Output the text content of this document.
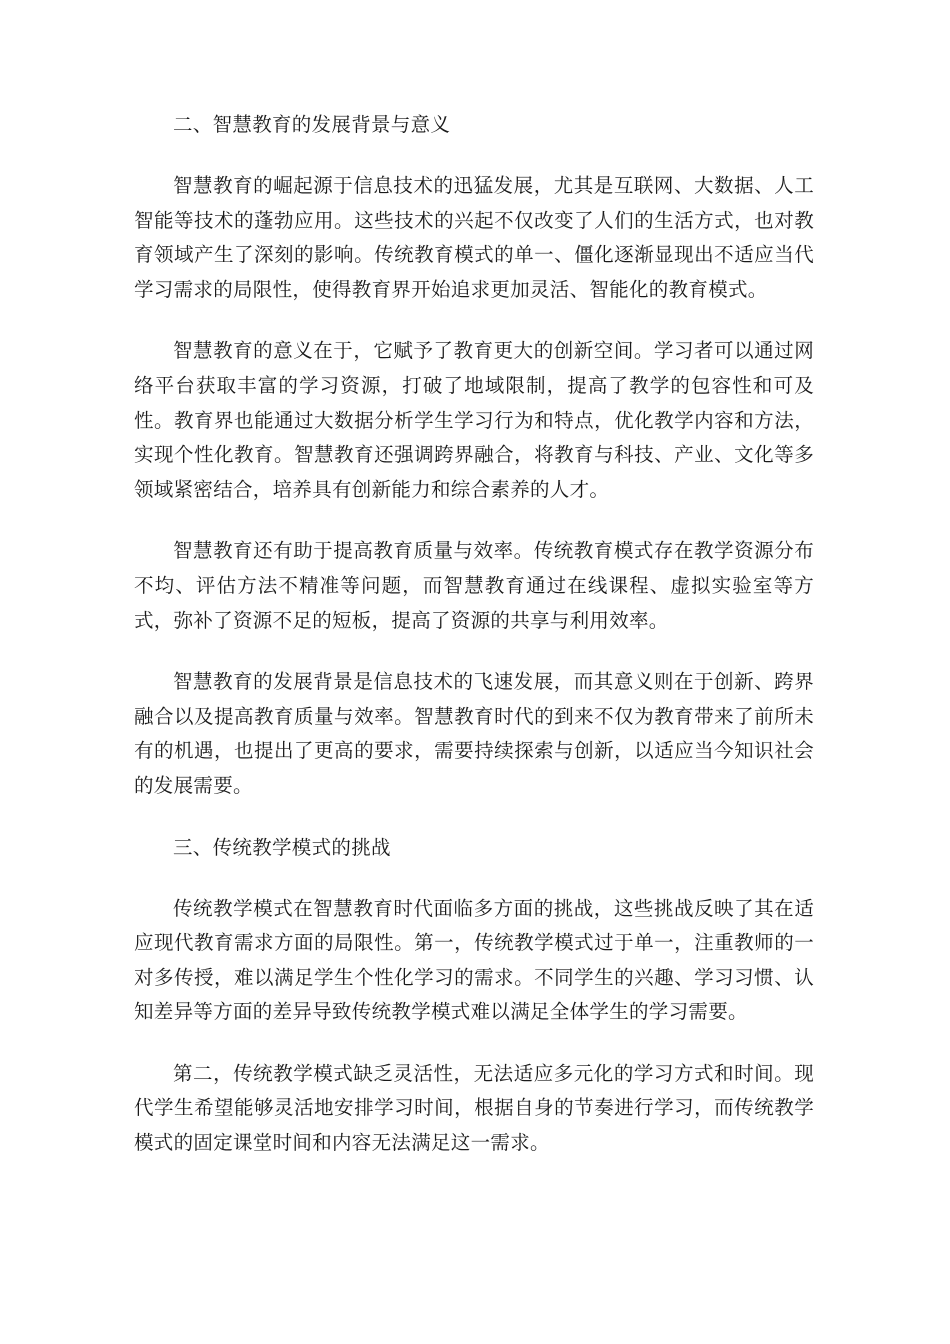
二、智慧教育的发展背景与意义

智慧教育的崛起源于信息技术的迅猛发展，尤其是互联网、大数据、人工智能等技术的蓬勃应用。这些技术的兴起不仅改变了人们的生活方式，也对教育领域产生了深刻的影响。传统教育模式的单一、僵化逐渐显现出不适应当代学习需求的局限性，使得教育界开始追求更加灵活、智能化的教育模式。

智慧教育的意义在于，它赋予了教育更大的创新空间。学习者可以通过网络平台获取丰富的学习资源，打破了地域限制，提高了教学的包容性和可及性。教育界也能通过大数据分析学生学习行为和特点，优化教学内容和方法，实现个性化教育。智慧教育还强调跨界融合，将教育与科技、产业、文化等多领域紧密结合，培养具有创新能力和综合素养的人才。

智慧教育还有助于提高教育质量与效率。传统教育模式存在教学资源分布不均、评估方法不精准等问题，而智慧教育通过在线课程、虚拟实验室等方式，弥补了资源不足的短板，提高了资源的共享与利用效率。

智慧教育的发展背景是信息技术的飞速发展，而其意义则在于创新、跨界融合以及提高教育质量与效率。智慧教育时代的到来不仅为教育带来了前所未有的机遇，也提出了更高的要求，需要持续探索与创新，以适应当今知识社会的发展需要。

三、传统教学模式的挑战

传统教学模式在智慧教育时代面临多方面的挑战，这些挑战反映了其在适应现代教育需求方面的局限性。第一，传统教学模式过于单一，注重教师的一对多传授，难以满足学生个性化学习的需求。不同学生的兴趣、学习习惯、认知差异等方面的差异导致传统教学模式难以满足全体学生的学习需要。

第二，传统教学模式缺乏灵活性，无法适应多元化的学习方式和时间。现代学生希望能够灵活地安排学习时间，根据自身的节奏进行学习，而传统教学模式的固定课堂时间和内容无法满足这一需求。
